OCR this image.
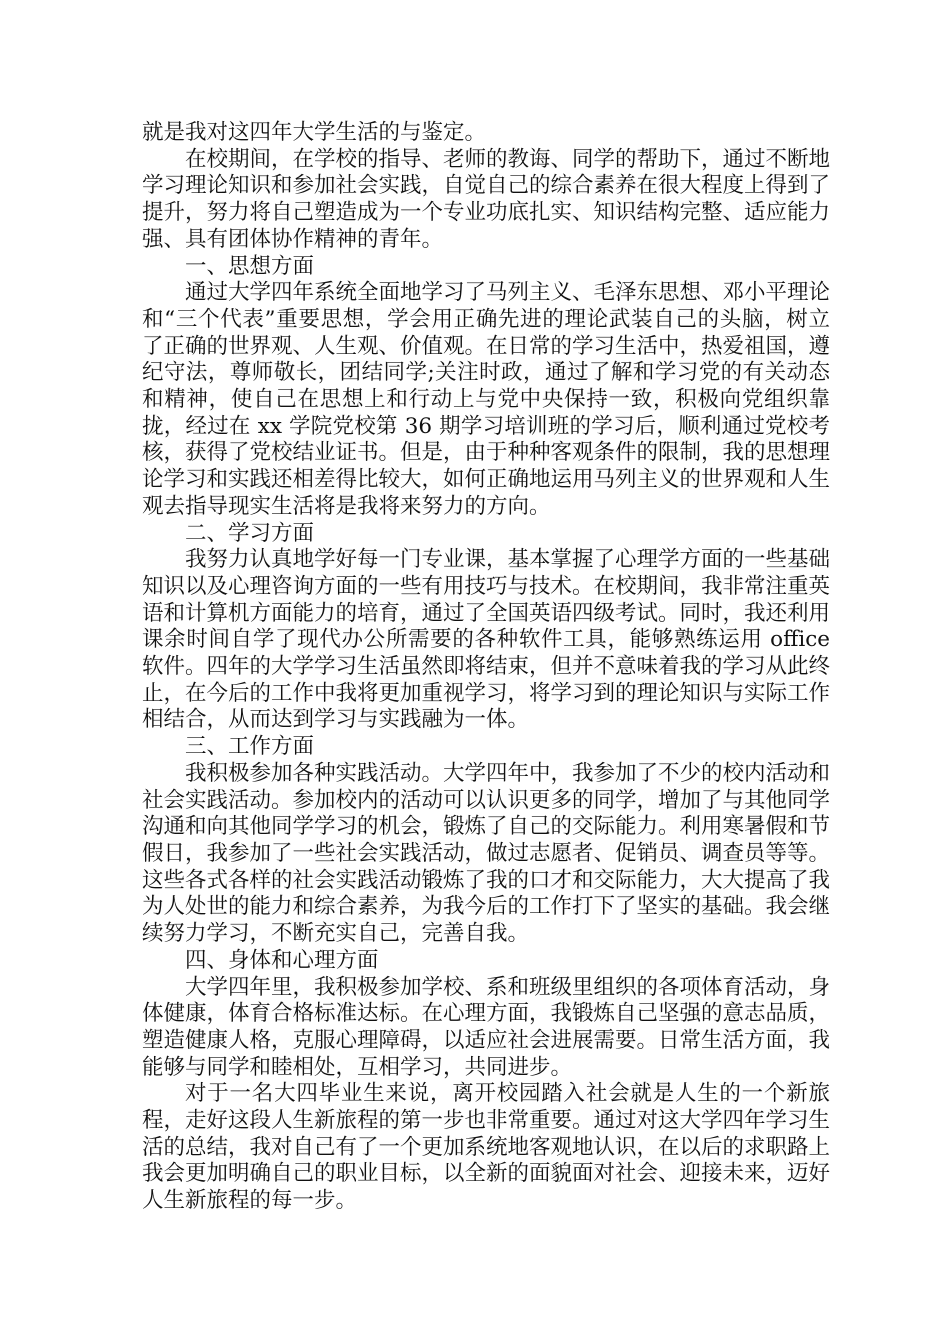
就是我对这四年大学生活的与鉴定。

在校期间，在学校的指导、老师的教诲、同学的帮助下，通过不断地学习理论知识和参加社会实践，自觉自己的综合素养在很大程度上得到了提升，努力将自己塑造成为一个专业功底扎实、知识结构完整、适应能力强、具有团体协作精神的青年。

一、思想方面

通过大学四年系统全面地学习了马列主义、毛泽东思想、邓小平理论和“三个代表”重要思想，学会用正确先进的理论武装自己的头脑，树立了正确的世界观、人生观、价值观。在日常的学习生活中，热爱祖国，遵纪守法，尊师敬长，团结同学;关注时政，通过了解和学习党的有关动态和精神，使自己在思想上和行动上与党中央保持一致，积极向党组织靠拢，经过在 xx 学院党校第 36 期学习培训班的学习后，顺利通过党校考核，获得了党校结业证书。但是，由于种种客观条件的限制，我的思想理论学习和实践还相差得比较大，如何正确地运用马列主义的世界观和人生观去指导现实生活将是我将来努力的方向。

二、学习方面

我努力认真地学好每一门专业课，基本掌握了心理学方面的一些基础知识以及心理咨询方面的一些有用技巧与技术。在校期间，我非常注重英语和计算机方面能力的培育，通过了全国英语四级考试。同时，我还利用课余时间自学了现代办公所需要的各种软件工具，能够熟练运用 office 软件。四年的大学学习生活虽然即将结束，但并不意味着我的学习从此终止，在今后的工作中我将更加重视学习，将学习到的理论知识与实际工作相结合，从而达到学习与实践融为一体。

三、工作方面

我积极参加各种实践活动。大学四年中，我参加了不少的校内活动和社会实践活动。参加校内的活动可以认识更多的同学，增加了与其他同学沟通和向其他同学学习的机会，锻炼了自己的交际能力。利用寒暑假和节假日，我参加了一些社会实践活动，做过志愿者、促销员、调查员等等。这些各式各样的社会实践活动锻炼了我的口才和交际能力，大大提高了我为人处世的能力和综合素养，为我今后的工作打下了坚实的基础。我会继续努力学习，不断充实自己，完善自我。

四、身体和心理方面

大学四年里，我积极参加学校、系和班级里组织的各项体育活动，身体健康，体育合格标准达标。在心理方面，我锻炼自己坚强的意志品质，塑造健康人格，克服心理障碍，以适应社会进展需要。日常生活方面，我能够与同学和睦相处，互相学习，共同进步。

对于一名大四毕业生来说，离开校园踏入社会就是人生的一个新旅程，走好这段人生新旅程的第一步也非常重要。通过对这大学四年学习生活的总结，我对自己有了一个更加系统地客观地认识，在以后的求职路上我会更加明确自己的职业目标，以全新的面貌面对社会、迎接未来，迈好人生新旅程的每一步。
